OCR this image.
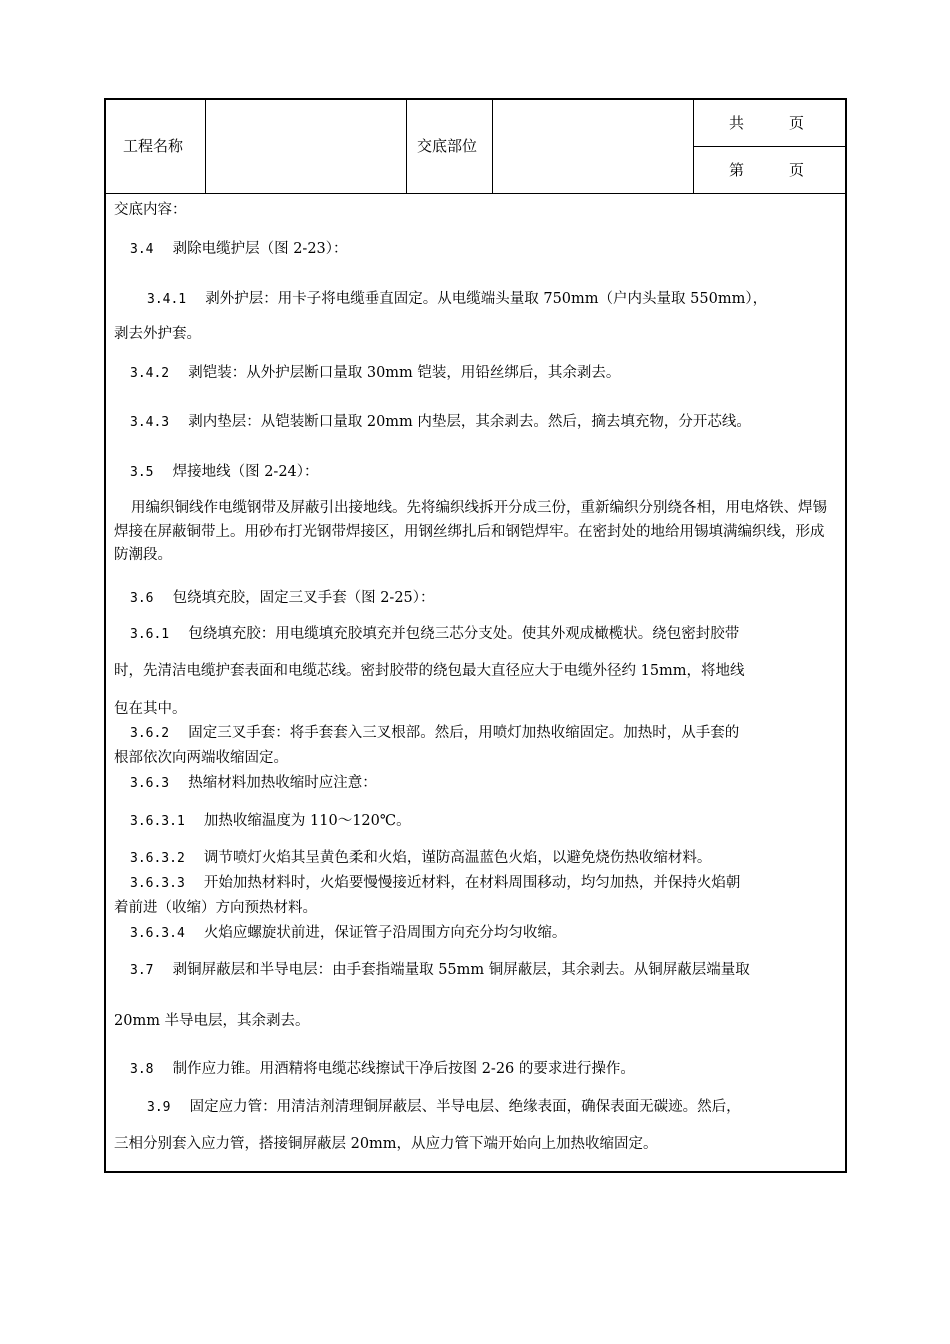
工程名称	交底部位
共　　　页
第　　　页
交底内容：
3.4　 剥除电缆护层（图 2-23）：
3.4.1　 剥外护层：用卡子将电缆垂直固定。从电缆端头量取 750mm（户内头量取 550mm），
剥去外护套。
3.4.2　 剥铠装：从外护层断口量取 30mm 铠装，用铅丝绑后，其余剥去。
3.4.3　 剥内垫层：从铠装断口量取 20mm 内垫层，其余剥去。然后，摘去填充物，分开芯线。
3.5　 焊接地线（图 2-24）：
用编织铜线作电缆钢带及屏蔽引出接地线。先将编织线拆开分成三份，重新编织分别绕各相，用电烙铁、焊锡焊接在屏蔽铜带上。用砂布打光钢带焊接区，用钢丝绑扎后和钢铠焊牢。在密封处的地给用锡填满编织线，形成防潮段。
3.6　 包绕填充胶，固定三叉手套（图 2-25）：
3.6.1　 包绕填充胶：用电缆填充胶填充并包绕三芯分支处。使其外观成橄榄状。绕包密封胶带
时，先清洁电缆护套表面和电缆芯线。密封胶带的绕包最大直径应大于电缆外径约 15mm，将地线
包在其中。
3.6.2　 固定三叉手套：将手套套入三叉根部。然后，用喷灯加热收缩固定。加热时，从手套的
根部依次向两端收缩固定。
3.6.3　 热缩材料加热收缩时应注意：
3.6.3.1　 加热收缩温度为 110～120℃。
3.6.3.2　 调节喷灯火焰其呈黄色柔和火焰，谨防高温蓝色火焰，以避免烧伤热收缩材料。
3.6.3.3　 开始加热材料时，火焰要慢慢接近材料，在材料周围移动，均匀加热，并保持火焰朝
着前进（收缩）方向预热材料。
3.6.3.4　 火焰应螺旋状前进，保证管子沿周围方向充分均匀收缩。
3.7　 剥铜屏蔽层和半导电层：由手套指端量取 55mm 铜屏蔽层，其余剥去。从铜屏蔽层端量取
20mm 半导电层，其余剥去。
3.8　 制作应力锥。用酒精将电缆芯线擦试干净后按图 2-26 的要求进行操作。
3.9　 固定应力管：用清洁剂清理铜屏蔽层、半导电层、绝缘表面，确保表面无碳迹。然后，
三相分别套入应力管，搭接铜屏蔽层 20mm，从应力管下端开始向上加热收缩固定。
